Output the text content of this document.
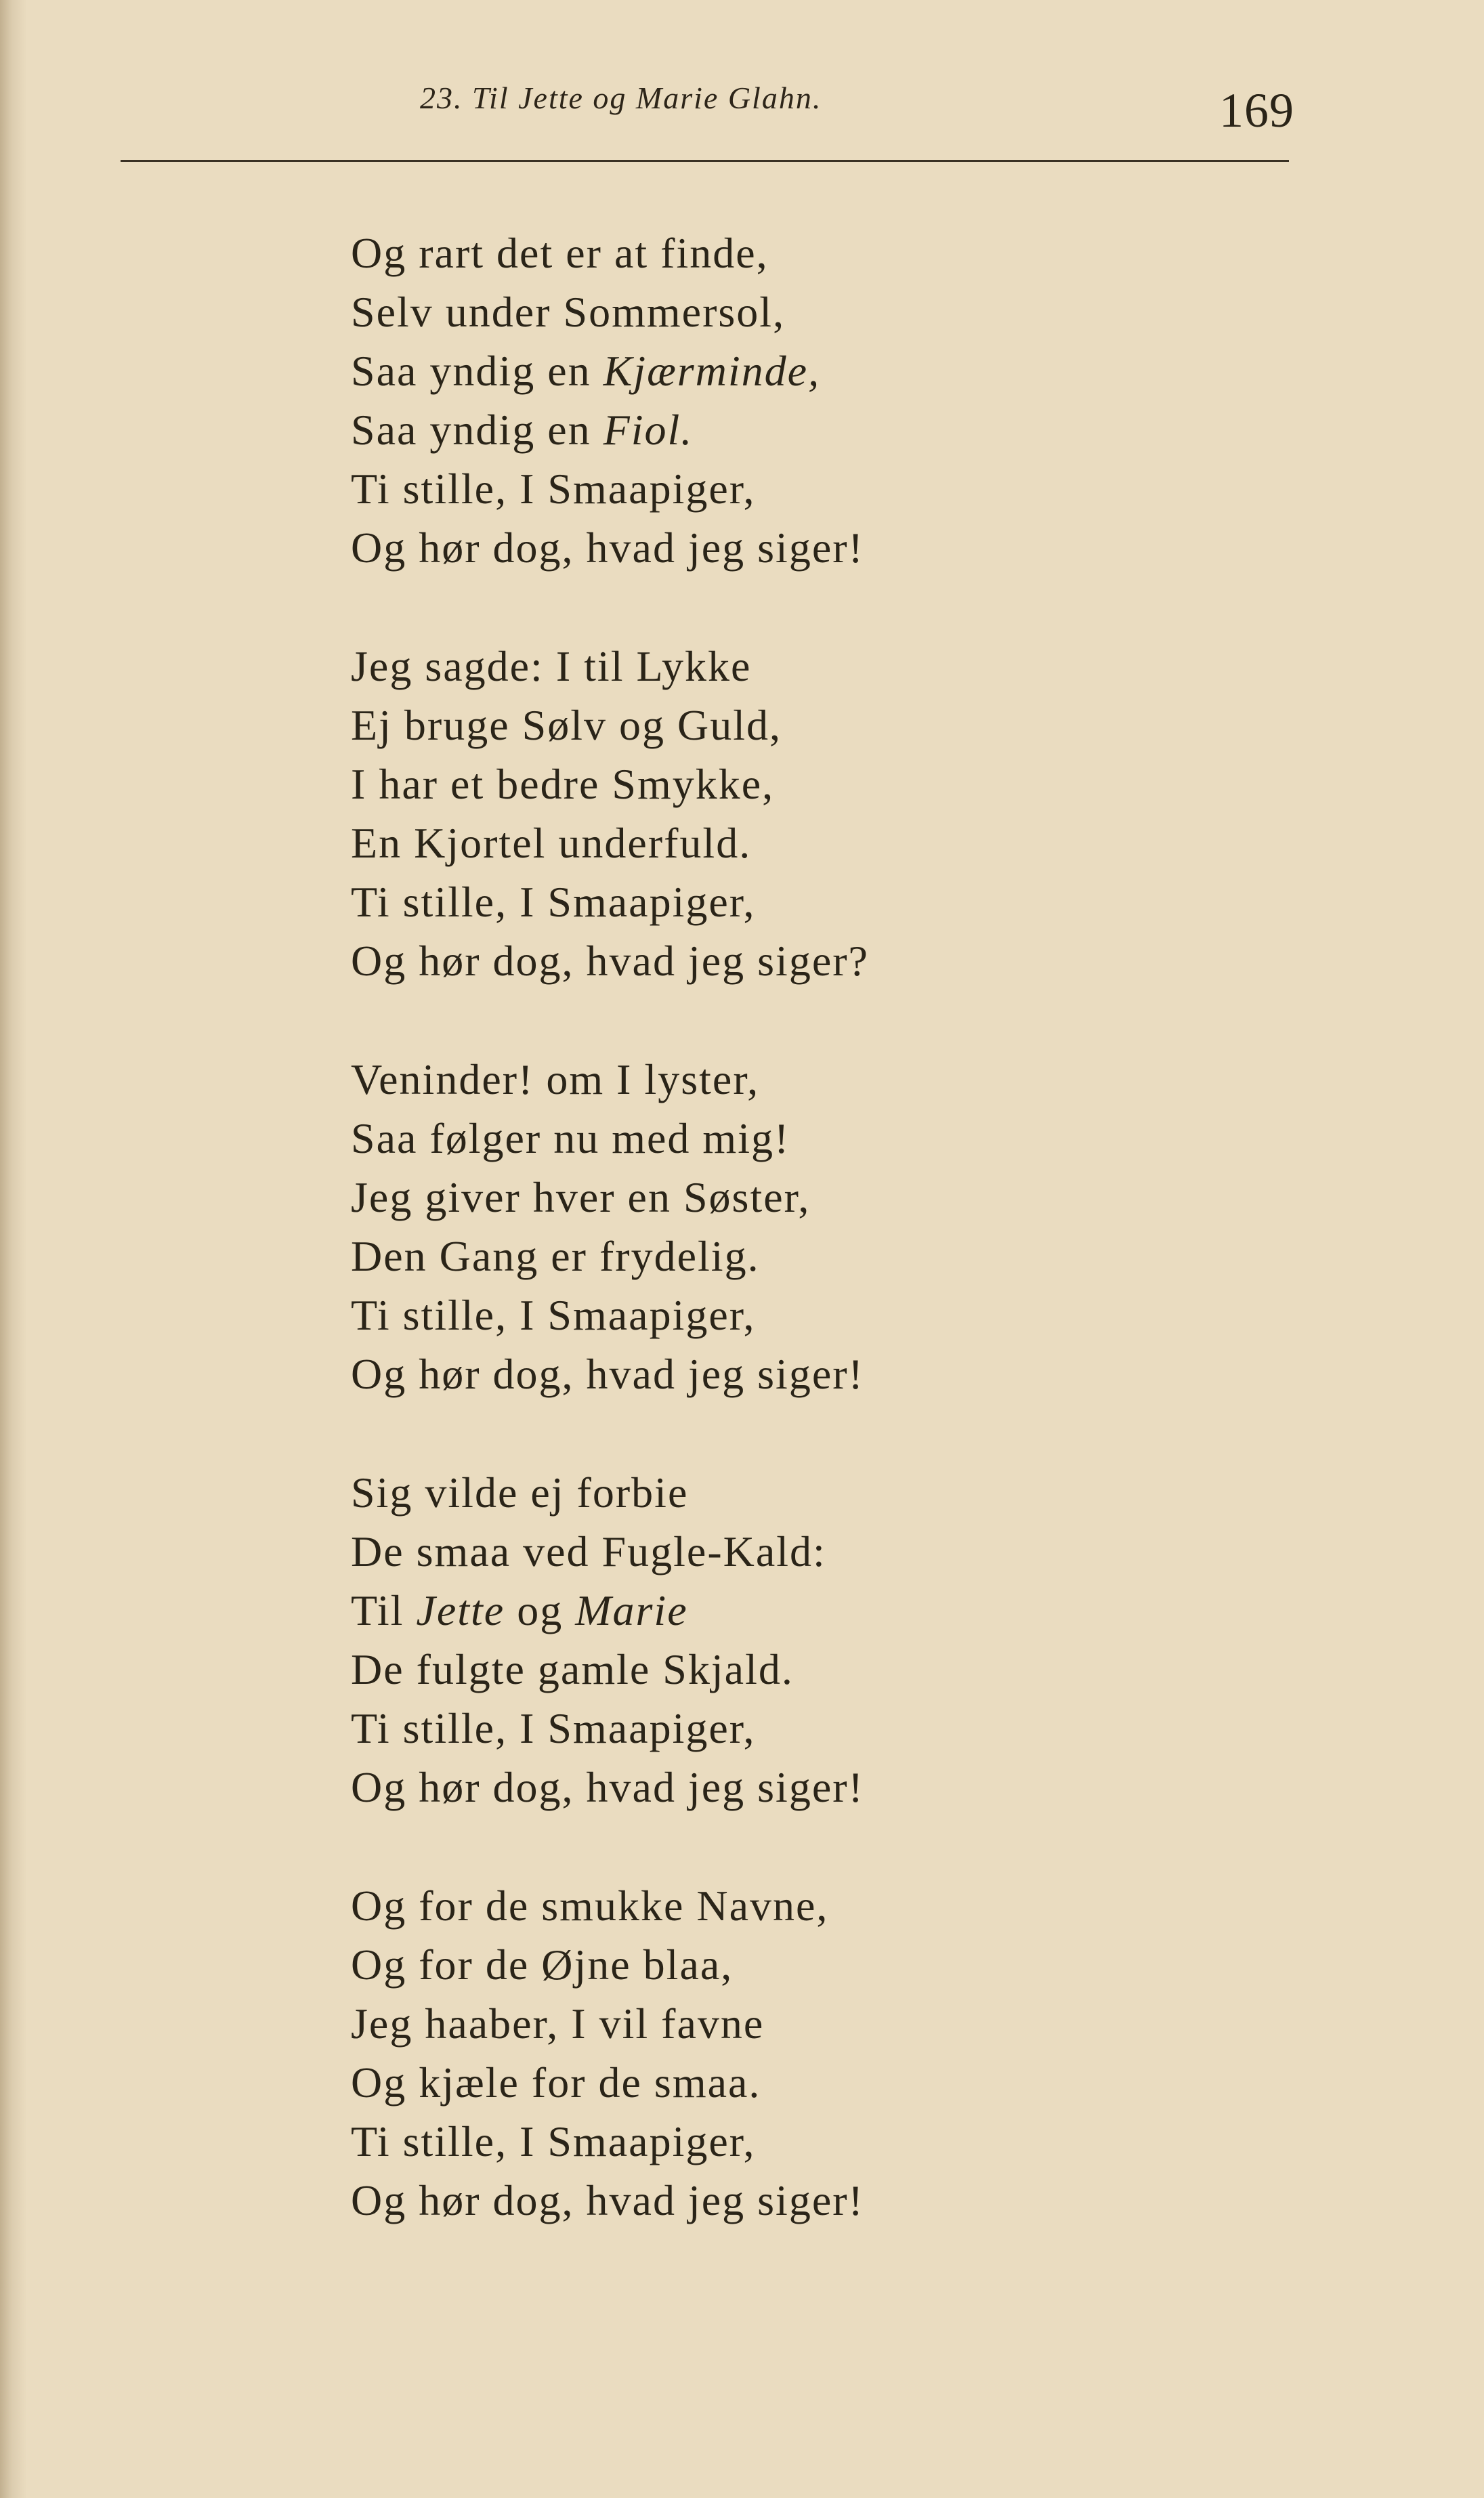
23. Til Jette og Marie Glahn.	169
Og rart det er at finde,
Selv under Sommersol,
Saa yndig en Kjærminde,
Saa yndig en Fiol.
Ti stille, I Smaapiger,
Og hør dog, hvad jeg siger!
Jeg sagde: I til Lykke
Ej bruge Sølv og Guld,
I har et bedre Smykke,
En Kjortel underfuld.
Ti stille, I Smaapiger,
Og hør dog, hvad jeg siger?
Veninder! om I lyster,
Saa følger nu med mig!
Jeg giver hver en Søster,
Den Gang er frydelig.
Ti stille, I Smaapiger,
Og hør dog, hvad jeg siger!
Sig vilde ej forbie
De smaa ved Fugle-Kald:
Til Jette og Marie
De fulgte gamle Skjald.
Ti stille, I Smaapiger,
Og hør dog, hvad jeg siger!
Og for de smukke Navne,
Og for de Øjne blaa,
Jeg haaber, I vil favne
Og kjæle for de smaa.
Ti stille, I Smaapiger,
Og hør dog, hvad jeg siger!
